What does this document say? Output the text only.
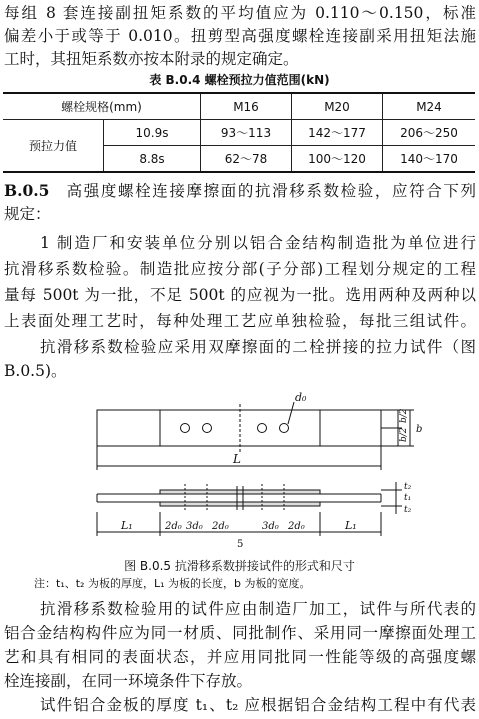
每组 8 套连接副扭矩系数的平均值应为 0.110～0.150，标准
偏差小于或等于 0.010。扭剪型高强度螺栓连接副采用扭矩法施
工时，其扭矩系数亦按本附录的规定确定。
表 B.0.4 螺栓预拉力值范围(kN)
螺栓规格(mm)		M16	M20	M24
预拉力值	10.9s	93～113	142～177	206～250
	8.8s	62～78	100～120	140～170
B.0.5  高强度螺栓连接摩擦面的抗滑移系数检验，应符合下列
规定：
1 制造厂和安装单位分别以铝合金结构制造批为单位进行
抗滑移系数检验。制造批应按分部(子分部)工程划分规定的工程
量每 500t 为一批，不足 500t 的应视为一批。选用两种及两种以
上表面处理工艺时，每种处理工艺应单独检验，每批三组试件。
抗滑移系数检验应采用双摩擦面的二栓拼接的拉力试件（图
B.0.5)。
d₀
b/2
b/2 b
L
t₂
t₁
t₂
L₁	2d₀ 3d₀ 2d₀	3d₀ 2d₀
5
L₁
图 B.0.5 抗滑移系数拼接试件的形式和尺寸
注：t₁、t₂ 为板的厚度，L₁ 为板的长度，b 为板的宽度。
抗滑移系数检验用的试件应由制造厂加工，试件与所代表的
铝合金结构构件应为同一材质、同批制作、采用同一摩擦面处理工
艺和具有相同的表面状态，并应用同批同一性能等级的高强度螺
栓连接副，在同一环境条件下存放。
试件铝合金板的厚度 t₁、t₂ 应根据铝合金结构工程中有代表
